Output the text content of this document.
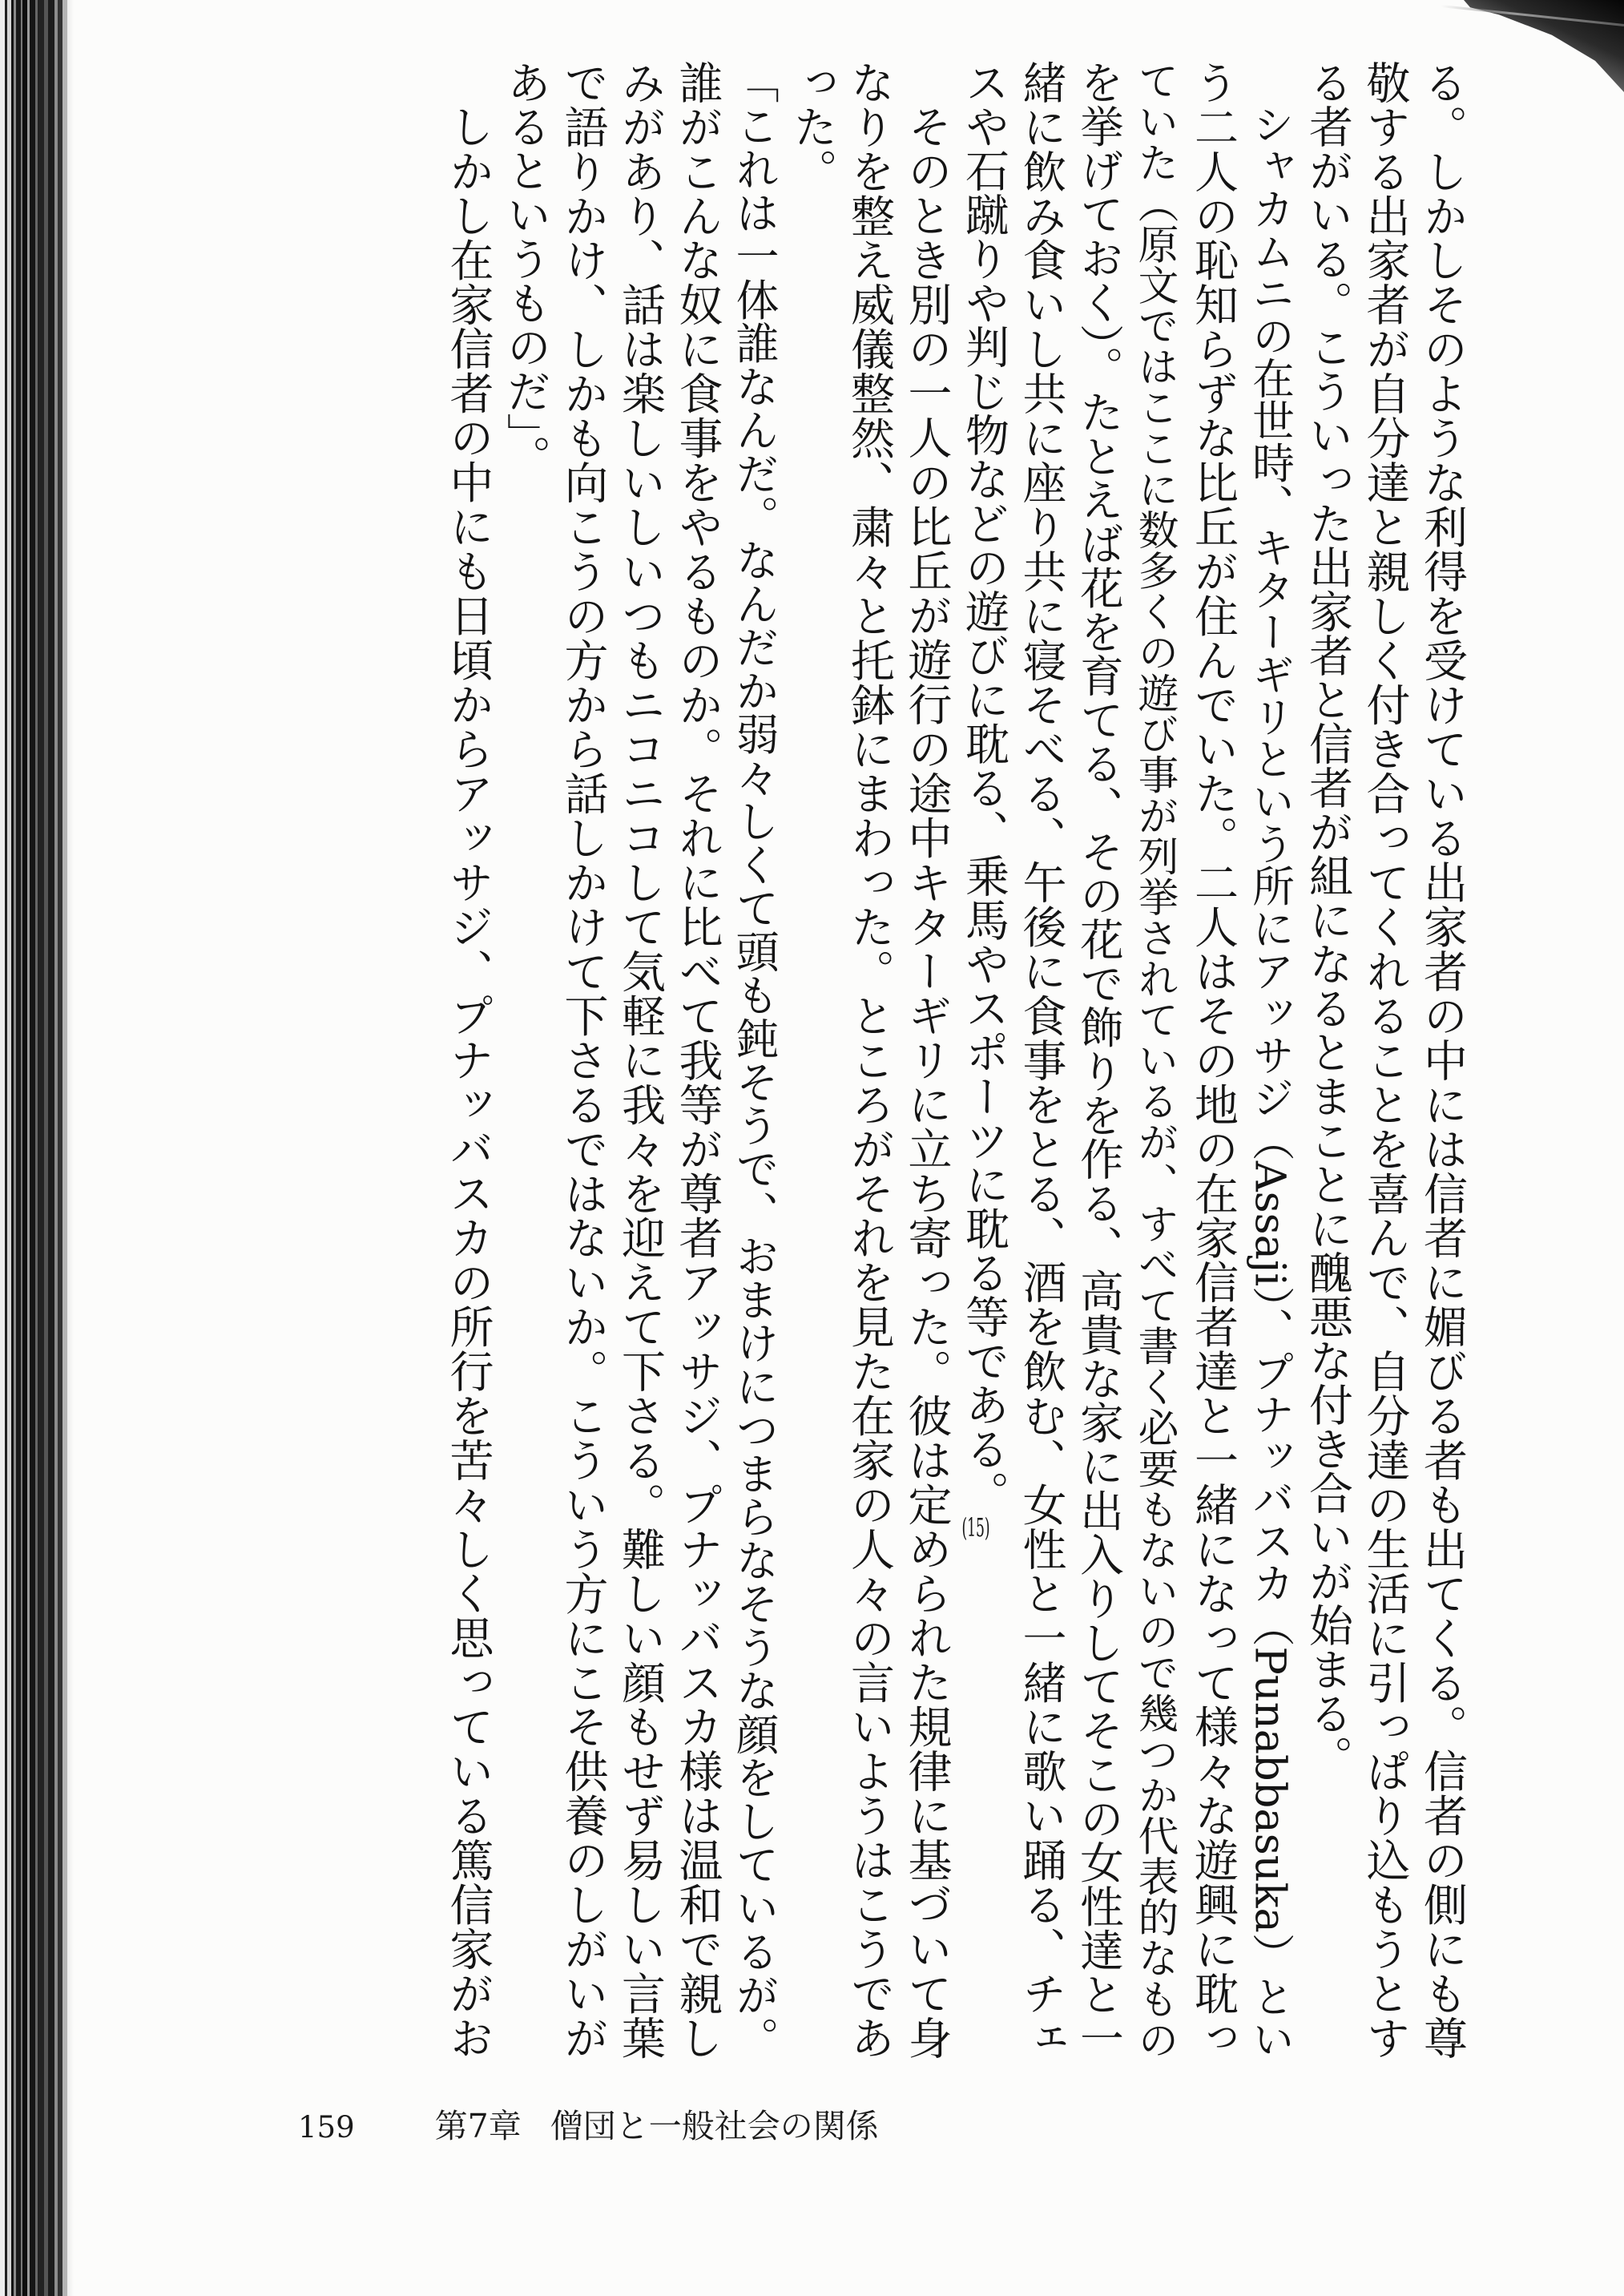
る。しかしそのような利得を受けている出家者の中には信者に媚びる者も出てくる。信者の側にも尊
敬する出家者が自分達と親しく付き合ってくれることを喜んで、自分達の生活に引っぱり込もうとす
る者がいる。こういった出家者と信者が組になるとまことに醜悪な付き合いが始まる。
シャカムニの在世時、キターギリという所にアッサジ（Assaji）、プナッバスカ（Punabbasuka）とい
う二人の恥知らずな比丘が住んでいた。二人はその地の在家信者達と一緒になって様々な遊興に耽っ
ていた（原文ではここに数多くの遊び事が列挙されているが、すべて書く必要もないので幾つか代表的なもの
を挙げておく）。たとえば花を育てる、その花で飾りを作る、高貴な家に出入りしてそこの女性達と一
緒に飲み食いし共に座り共に寝そべる、午後に食事をとる、酒を飲む、女性と一緒に歌い踊る、チェ
スや石蹴りや判じ物などの遊びに耽る、乗馬やスポーツに耽る等である。(15)
そのとき別の一人の比丘が遊行の途中キターギリに立ち寄った。彼は定められた規律に基づいて身
なりを整え威儀整然、粛々と托鉢にまわった。ところがそれを見た在家の人々の言いようはこうであ
った。
「これは一体誰なんだ。なんだか弱々しくて頭も鈍そうで、おまけにつまらなそうな顔をしているが。
誰がこんな奴に食事をやるものか。それに比べて我等が尊者アッサジ、プナッバスカ様は温和で親し
みがあり、話は楽しいしいつもニコニコして気軽に我々を迎えて下さる。難しい顔もせず易しい言葉
で語りかけ、しかも向こうの方から話しかけて下さるではないか。こういう方にこそ供養のしがいが
あるというものだ」。
しかし在家信者の中にも日頃からアッサジ、プナッバスカの所行を苦々しく思っている篤信家がお
159 第7章 僧団と一般社会の関係
